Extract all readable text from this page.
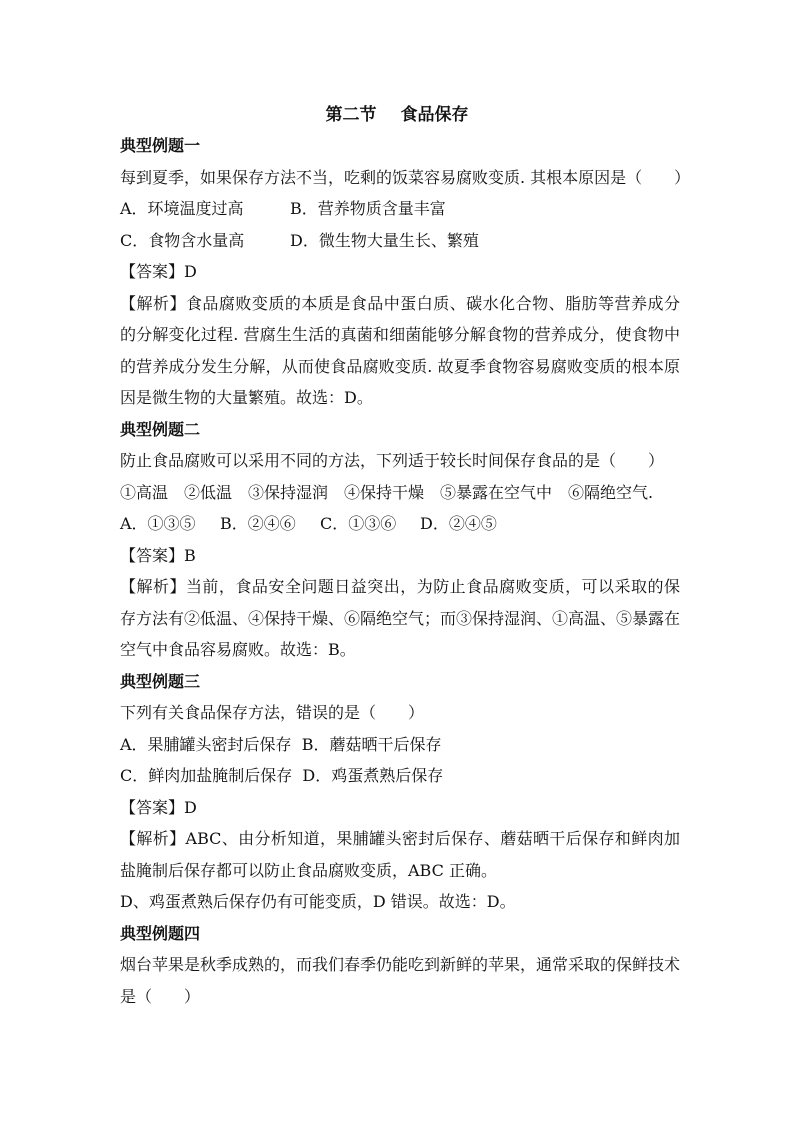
第二节 食品保存
典型例题一
每到夏季，如果保存方法不当，吃剩的饭菜容易腐败变质. 其根本原因是（　　）
A．环境温度过高	B．营养物质含量丰富
C．食物含水量高	D．微生物大量生长、繁殖
【答案】D
【解析】食品腐败变质的本质是食品中蛋白质、碳水化合物、脂肪等营养成分的分解变化过程. 营腐生生活的真菌和细菌能够分解食物的营养成分，使食物中的营养成分发生分解，从而使食品腐败变质. 故夏季食物容易腐败变质的根本原因是微生物的大量繁殖。故选：D。
典型例题二
防止食品腐败可以采用不同的方法，下列适于较长时间保存食品的是（　　）
①高温　②低温　③保持湿润　④保持干燥　⑤暴露在空气中　⑥隔绝空气.
A．①③⑤ B．②④⑥ C．①③⑥ D．②④⑤
【答案】B
【解析】当前，食品安全问题日益突出，为防止食品腐败变质，可以采取的保存方法有②低温、④保持干燥、⑥隔绝空气；而③保持湿润、①高温、⑤暴露在空气中食品容易腐败。故选：B。
典型例题三
下列有关食品保存方法，错误的是（　　）
A．果脯罐头密封后保存 B．蘑菇晒干后保存
C．鲜肉加盐腌制后保存 D．鸡蛋煮熟后保存
【答案】D
【解析】ABC、由分析知道，果脯罐头密封后保存、蘑菇晒干后保存和鲜肉加盐腌制后保存都可以防止食品腐败变质，ABC 正确。
D、鸡蛋煮熟后保存仍有可能变质，D 错误。故选：D。
典型例题四
烟台苹果是秋季成熟的，而我们春季仍能吃到新鲜的苹果，通常采取的保鲜技术是（　　）
